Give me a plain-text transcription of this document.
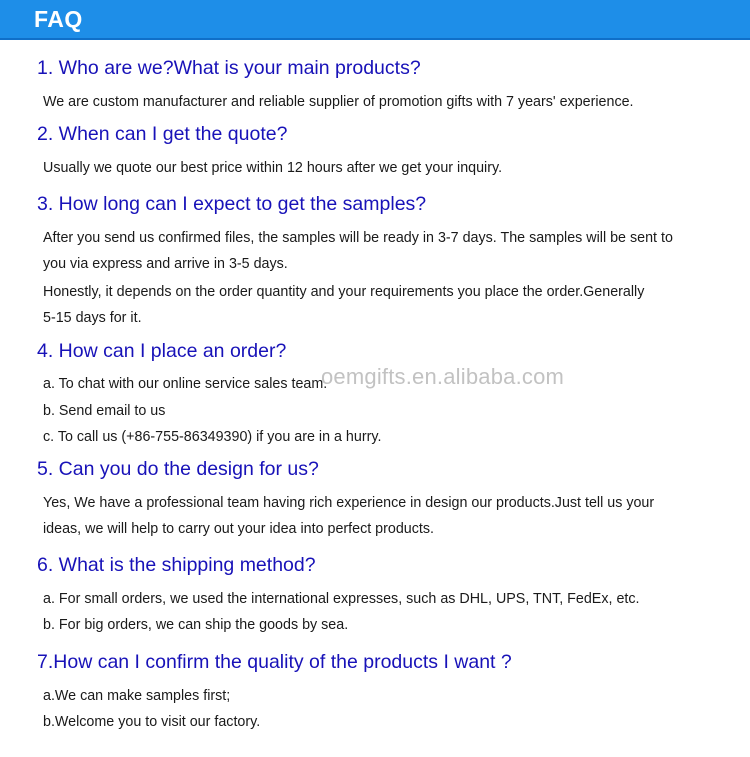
FAQ
1. Who are we?What is your main products?
We are custom manufacturer and reliable supplier of promotion gifts with 7 years' experience.
2. When can I get the quote?
Usually we quote our best price within 12 hours after we get your inquiry.
3. How long can I expect to get the samples?
After you send us confirmed files, the samples will be ready in 3-7 days. The samples will be sent to
you via express and arrive in 3-5 days.
Honestly, it depends on the order quantity and your requirements you place the order.Generally
5-15 days for it.
4. How can I place an order?
a. To chat with our online service sales team.
b. Send email to us
c. To call us (+86-755-86349390) if you are in a hurry.
5. Can you do the design for us?
Yes, We have a professional team having rich experience in design our products.Just tell us your
ideas, we will help to carry out your idea into perfect products.
6. What is the shipping method?
a. For small orders, we used the international expresses, such as DHL, UPS, TNT, FedEx, etc.
b. For big orders, we can ship the goods by sea.
7.How can I confirm the quality of the products I want ?
a.We can make samples first;
b.Welcome you to visit our factory.
oemgifts.en.alibaba.com
